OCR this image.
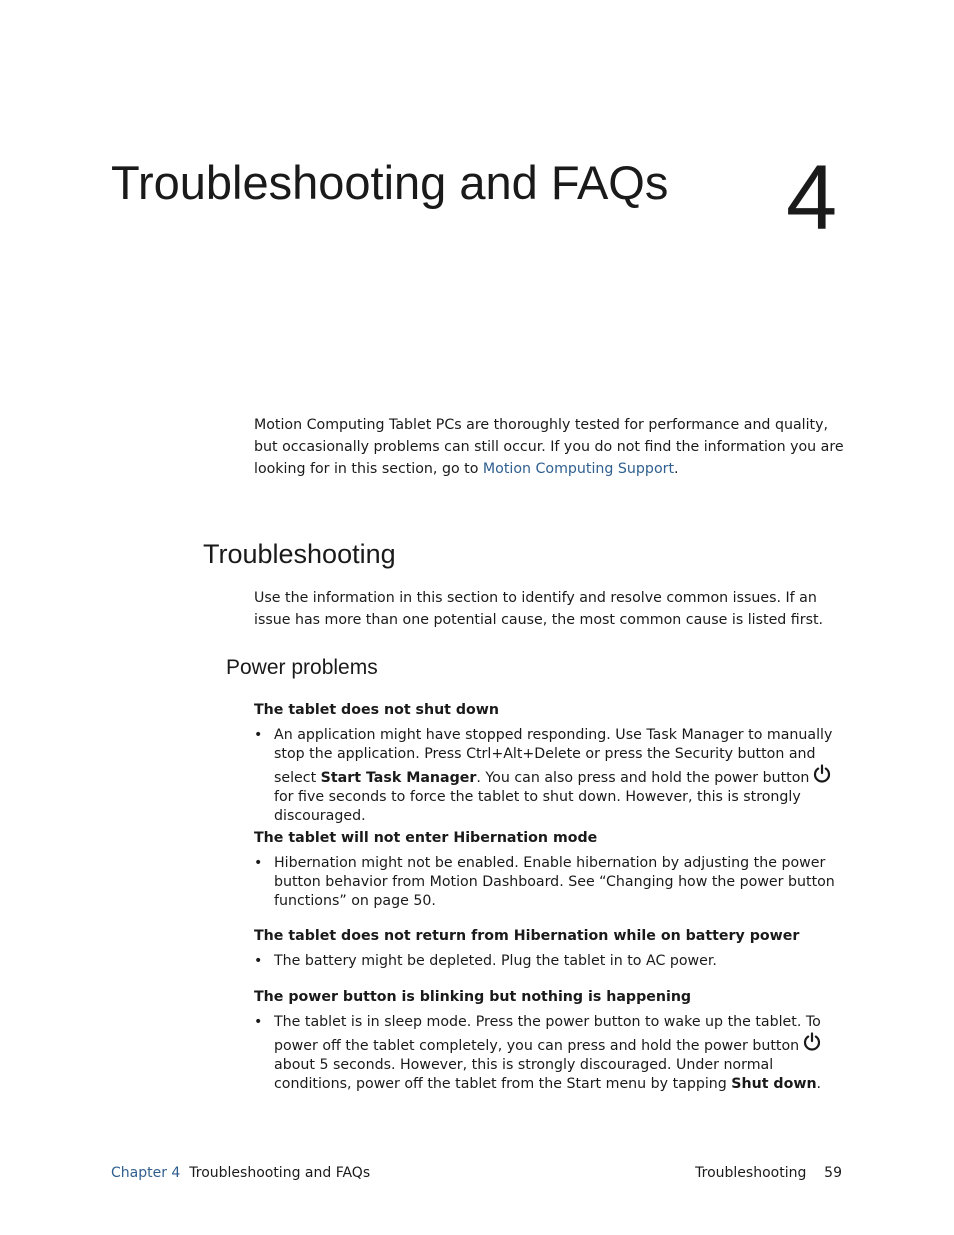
Troubleshooting and FAQs 4

Motion Computing Tablet PCs are thoroughly tested for performance and quality, but occasionally problems can still occur. If you do not find the information you are looking for in this section, go to Motion Computing Support.

Troubleshooting

Use the information in this section to identify and resolve common issues. If an issue has more than one potential cause, the most common cause is listed first.

Power problems
The tablet does not shut down
• An application might have stopped responding. Use Task Manager to manually stop the application. Press Ctrl+Alt+Delete or press the Security button and select Start Task Manager. You can also press and hold the power buttonfor five seconds to force the tablet to shut down. However, this is strongly discouraged.
The tablet will not enter Hibernation mode
• Hibernation might not be enabled. Enable hibernation by adjusting the power button behavior from Motion Dashboard. See “Changing how the power button functions” on page 50.
The tablet does not return from Hibernation while on battery power
• The battery might be depleted. Plug the tablet in to AC power.
The power button is blinking but nothing is happening
• The tablet is in sleep mode. Press the power button to wake up the tablet. To power off the tablet completely, you can press and hold the power buttonabout 5 seconds. However, this is strongly discouraged. Under normal conditions, power off the tablet from the Start menu by tapping Shut down.
Chapter 4 Troubleshooting and FAQs	Troubleshooting 59
